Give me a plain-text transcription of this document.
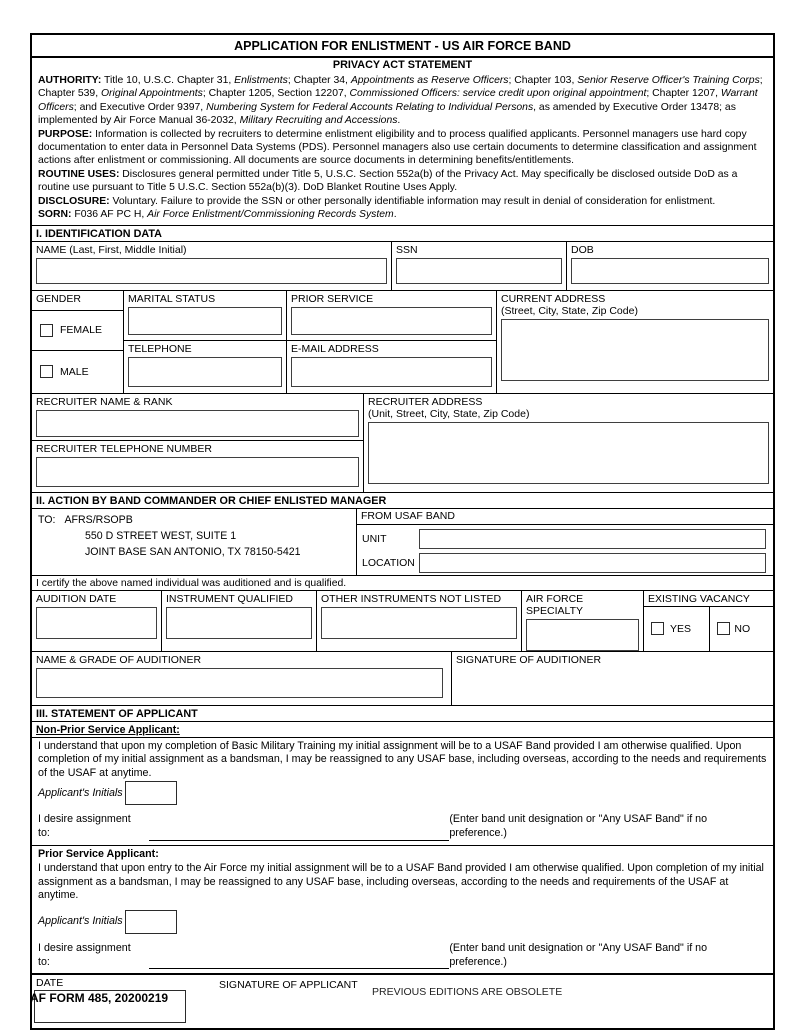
APPLICATION FOR ENLISTMENT - US AIR FORCE BAND
PRIVACY ACT STATEMENT
AUTHORITY: Title 10, U.S.C. Chapter 31, Enlistments; Chapter 34, Appointments as Reserve Officers; Chapter 103, Senior Reserve Officer's Training Corps; Chapter 539, Original Appointments; Chapter 1205, Section 12207, Commissioned Officers: service credit upon original appointment; Chapter 1207, Warrant Officers; and Executive Order 9397, Numbering System for Federal Accounts Relating to Individual Persons, as amended by Executive Order 13478; as implemented by Air Force Manual 36-2032, Military Recruiting and Accessions.
PURPOSE: Information is collected by recruiters to determine enlistment eligibility and to process qualified applicants. Personnel managers use hard copy documentation to enter data in Personnel Data Systems (PDS). Personnel managers also use certain documents to determine classification and assignment actions after enlistment or commissioning. All documents are source documents in determining benefits/entitlements.
ROUTINE USES: Disclosures general permitted under Title 5, U.S.C. Section 552a(b) of the Privacy Act. May specifically be disclosed outside DoD as a routine use pursuant to Title 5 U.S.C. Section 552a(b)(3). DoD Blanket Routine Uses Apply.
DISCLOSURE: Voluntary. Failure to provide the SSN or other personally identifiable information may result in denial of consideration for enlistment.
SORN: F036 AF PC H, Air Force Enlistment/Commissioning Records System.
I. IDENTIFICATION DATA
NAME (Last, First, Middle Initial)	SSN	DOB
GENDER
FEMALE
MALE
MARITAL STATUS
TELEPHONE
PRIOR SERVICE
E-MAIL ADDRESS
CURRENT ADDRESS
(Street, City, State, Zip Code)
RECRUITER NAME & RANK
RECRUITER TELEPHONE NUMBER
RECRUITER ADDRESS
(Unit, Street, City, State, Zip Code)
II. ACTION BY BAND COMMANDER OR CHIEF ENLISTED MANAGER
TO: AFRS/RSOPB
550 D STREET WEST, SUITE 1
JOINT BASE SAN ANTONIO, TX 78150-5421
FROM USAF BAND
UNIT
LOCATION
I certify the above named individual was auditioned and is qualified.
AUDITION DATE	INSTRUMENT QUALIFIED	OTHER INSTRUMENTS NOT LISTED	AIR FORCE SPECIALTY
EXISTING VACANCY
YES	NO
NAME & GRADE OF AUDITIONER	SIGNATURE OF AUDITIONER
III. STATEMENT OF APPLICANT
Non-Prior Service Applicant:
I understand that upon my completion of Basic Military Training my initial assignment will be to a USAF Band provided I am otherwise qualified. Upon completion of my initial assignment as a bandsman, I may be reassigned to any USAF base, including overseas, according to the needs and requirements of the USAF at anytime.
Applicant's Initials
I desire assignment to:
(Enter band unit designation or "Any USAF Band" if no preference.)
Prior Service Applicant:
I understand that upon entry to the Air Force my initial assignment will be to a USAF Band provided I am otherwise qualified. Upon completion of my initial assignment as a bandsman, I may be reassigned to any USAF base, including overseas, according to the needs and requirements of the USAF at anytime.
Applicant's Initials
I desire assignment to:
(Enter band unit designation or "Any USAF Band" if no preference.)
DATE	SIGNATURE OF APPLICANT
AF FORM 485, 20200219	PREVIOUS EDITIONS ARE OBSOLETE
